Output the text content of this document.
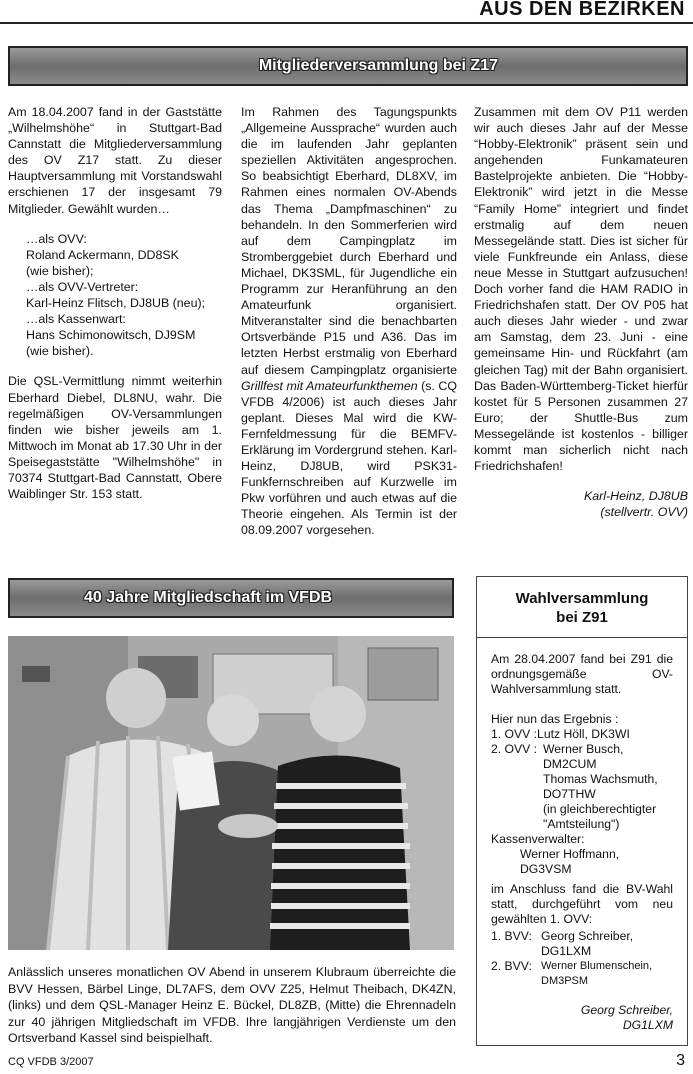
AUS DEN BEZIRKEN
Mitgliederversammlung bei Z17

Am 18.04.2007 fand in der Gaststätte „Wilhelmshöhe“ in Stuttgart-Bad Cannstatt die Mitgliederversammlung des OV Z17 statt. Zu dieser Hauptversammlung mit Vorstandswahl erschienen 17 der insgesamt 79 Mitglieder. Gewählt wurden…

…als OVV:
Roland Ackermann, DD8SK
(wie bisher);
…als OVV-Vertreter:
Karl-Heinz Flitsch, DJ8UB (neu);
…als Kassenwart:
Hans Schimonowitsch, DJ9SM
(wie bisher).

Die QSL-Vermittlung nimmt weiterhin Eberhard Diebel, DL8NU, wahr. Die regelmäßigen OV-Versammlungen finden wie bisher jeweils am 1. Mittwoch im Monat ab 17.30 Uhr in der Speisegaststätte "Wilhelmshöhe" in 70374 Stuttgart-Bad Cannstatt, Obere Waiblinger Str. 153 statt.

Im Rahmen des Tagungspunkts „Allgemeine Aussprache“ wurden auch die im laufenden Jahr geplanten speziellen Aktivitäten angesprochen. So beabsichtigt Eberhard, DL8XV, im Rahmen eines normalen OV-Abends das Thema „Dampfmaschinen“ zu behandeln. In den Sommerferien wird auf dem Campingplatz im Stromberggebiet durch Eberhard und Michael, DK3SML, für Jugendliche ein Programm zur Heranführung an den Amateurfunk organisiert. Mitveranstalter sind die benachbarten Ortsverbände P15 und A36. Das im letzten Herbst erstmalig von Eberhard auf diesem Campingplatz organisierte Grillfest mit Amateurfunkthemen (s. CQ VFDB 4/2006) ist auch dieses Jahr geplant. Dieses Mal wird die KW-Fernfeldmessung für die BEMFV-Erklärung im Vordergrund stehen. Karl-Heinz, DJ8UB, wird PSK31-Funkfernschreiben auf Kurzwelle im Pkw vorführen und auch etwas auf die Theorie eingehen. Als Termin ist der 08.09.2007 vorgesehen.

Zusammen mit dem OV P11 werden wir auch dieses Jahr auf der Messe “Hobby-Elektronik” präsent sein und angehenden Funkamateuren Bastelprojekte anbieten. Die “Hobby-Elektronik” wird jetzt in die Messe “Family Home” integriert und findet erstmalig auf dem neuen Messegelände statt. Dies ist sicher für viele Funkfreunde ein Anlass, diese neue Messe in Stuttgart aufzusuchen! Doch vorher fand die HAM RADIO in Friedrichshafen statt. Der OV P05 hat auch dieses Jahr wieder - und zwar am Samstag, dem 23. Juni - eine gemeinsame Hin- und Rückfahrt (am gleichen Tag) mit der Bahn organisiert. Das Baden-Württemberg-Ticket hierfür kostet für 5 Personen zusammen 27 Euro; der Shuttle-Bus zum Messegelände ist kostenlos - billiger kommt man sicherlich nicht nach Friedrichshafen!

Karl-Heinz, DJ8UB
(stellvertr. OVV)
40 Jahre Mitgliedschaft im VFDB
Anlässlich unseres monatlichen OV Abend in unserem Klubraum überreichte die BVV Hessen, Bärbel Linge, DL7AFS, dem OVV Z25, Helmut Theibach, DK4ZN, (links) und dem QSL-Manager Heinz E. Bückel, DL8ZB, (Mitte) die Ehrennadeln zur 40 jährigen Mitgliedschaft im VFDB. Ihre langjährigen Verdienste um den Ortsverband Kassel sind beispielhaft.
Wahlversammlung
bei Z91

Am 28.04.2007 fand bei Z91 die ordnungsgemäße OV-Wahlversammlung statt.

Hier nun das Ergebnis :
1. OVV :Lutz Höll, DK3WI
2. OVV :	Werner Busch,
	DM2CUM
	Thomas Wachsmuth,
	DO7THW
	(in gleichberechtigter
	"Amtsteilung")
Kassenverwalter:
Werner Hoffmann,
DG3VSM

im Anschluss fand die BV-Wahl statt, durchgeführt vom neu gewählten 1. OVV:

1. BVV:	Georg Schreiber,
	DG1LXM
2. BVV:	Werner Blumenschein,
	DM3PSM
Georg Schreiber,
DG1LXM
CQ VFDB 3/2007	3
